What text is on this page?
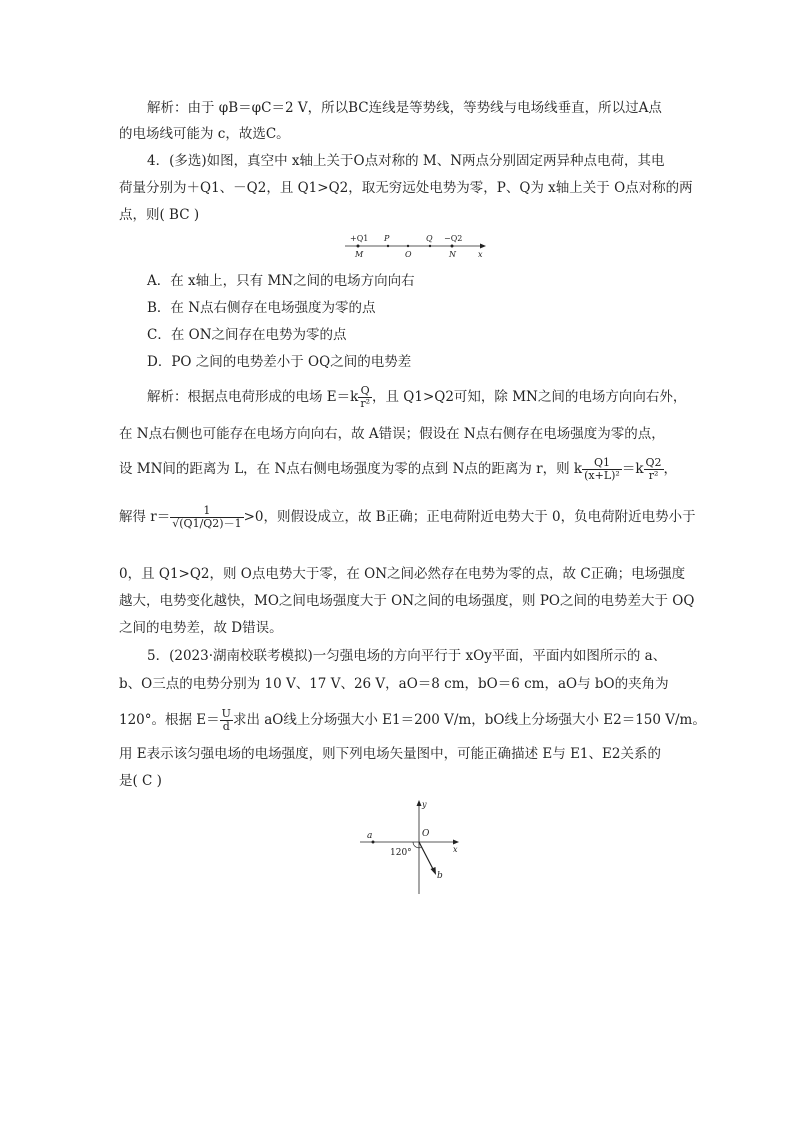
解析：由于 φB＝φC＝2 V，所以BC连线是等势线，等势线与电场线垂直，所以过A点
的电场线可能为 c，故选C。
4．(多选)如图，真空中 x轴上关于O点对称的 M、N两点分别固定两异种点电荷，其电
荷量分别为＋Q1、－Q2，且 Q1>Q2，取无穷远处电势为零，P、Q为 x轴上关于 O点对称的两
点，则( BC )
+Q1 P	Q −Q2
M	O	N	x
A．在 x轴上，只有 MN之间的电场方向向右
B．在 N点右侧存在电场强度为零的点
C．在 ON之间存在电势为零的点
D．PO 之间的电势差小于 OQ之间的电势差
解析：根据点电荷形成的电场 $E=k \frac{Q}{\text{r²}}$ ，且 Q1>Q2可知，除 MN之间的电场方向向右外，
在 N点右侧也可能存在电场方向向右，故 A错误；假设在 N点右侧存在电场强度为零的点，
设 MN间的距离为 L，在 N点右侧电场强度为零的点到 N点的距离为 r，则 k $\frac{Q1}{\text{(x+L)²}} =k \frac{Q2}{\text{r²}}$ ，
解得 $r= \frac{1}{√(Q1/Q2)-1} >0$，则假设成立，故 B正确；正电荷附近电势大于 0，负电荷附近电势小于
0，且 Q1>Q2，则 O点电势大于零，在 ON之间必然存在电势为零的点，故 C正确；电场强度
越大，电势变化越快，MO之间电场强度大于 ON之间的电场强度，则 PO之间的电势差大于 OQ
之间的电势差，故 D错误。
5．(2023·湖南校联考模拟)一匀强电场的方向平行于 xOy平面，平面内如图所示的 a、
b、O三点的电势分别为 10 V、17 V、26 V，aO＝8 cm，bO＝6 cm，aO与 bO的夹角为
120°。根据 $E= \frac{U}{d}$ 求出 aO线上分场强大小 E1＝200 V/m，bO线上分场强大小 E2＝150 V/m。
用 E表示该匀强电场的电场强度，则下列电场矢量图中，可能正确描述 E与 E1、E2关系的
是( C )
y
a	O
x
120°
b
